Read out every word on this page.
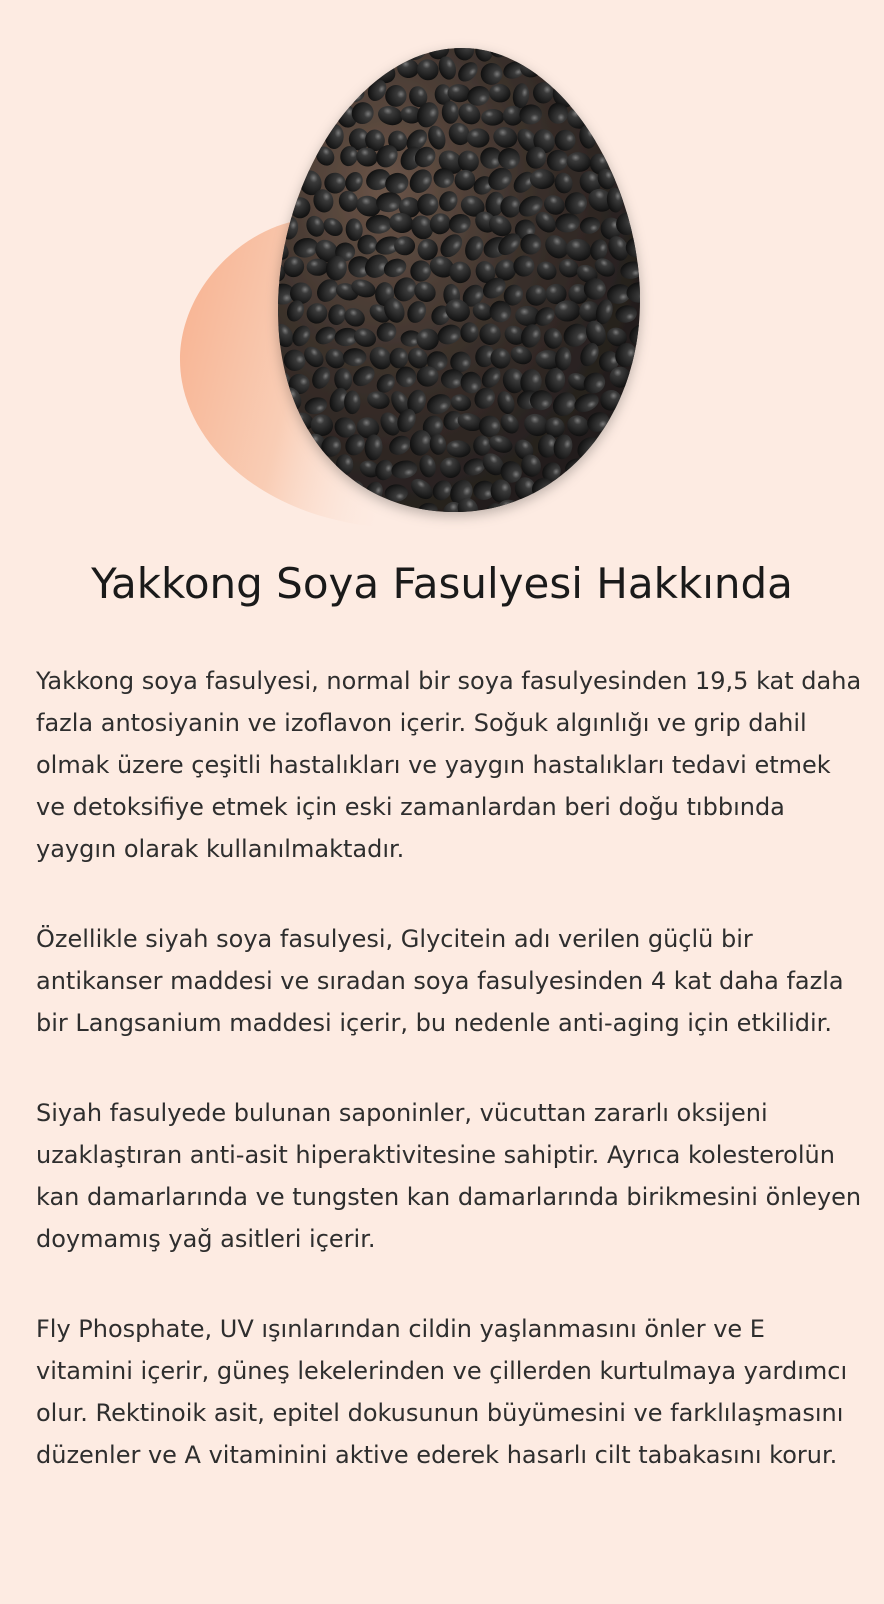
Yakkong Soya Fasulyesi Hakkında

Yakkong soya fasulyesi, normal bir soya fasulyesinden 19,5 kat daha fazla antosiyanin ve izoflavon içerir. Soğuk algınlığı ve grip dahil olmak üzere çeşitli hastalıkları ve yaygın hastalıkları tedavi etmek ve detoksifiye etmek için eski zamanlardan beri doğu tıbbında yaygın olarak kullanılmaktadır.

Özellikle siyah soya fasulyesi, Glycitein adı verilen güçlü bir antikanser maddesi ve sıradan soya fasulyesinden 4 kat daha fazla bir Langsanium maddesi içerir, bu nedenle anti-aging için etkilidir.

Siyah fasulyede bulunan saponinler, vücuttan zararlı oksijeni uzaklaştıran anti-asit hiperaktivitesine sahiptir. Ayrıca kolesterolün kan damarlarında ve tungsten kan damarlarında birikmesini önleyen doymamış yağ asitleri içerir.

Fly Phosphate, UV ışınlarından cildin yaşlanmasını önler ve E vitamini içerir, güneş lekelerinden ve çillerden kurtulmaya yardımcı olur. Rektinoik asit, epitel dokusunun büyümesini ve farklılaşmasını düzenler ve A vitaminini aktive ederek hasarlı cilt tabakasını korur.
